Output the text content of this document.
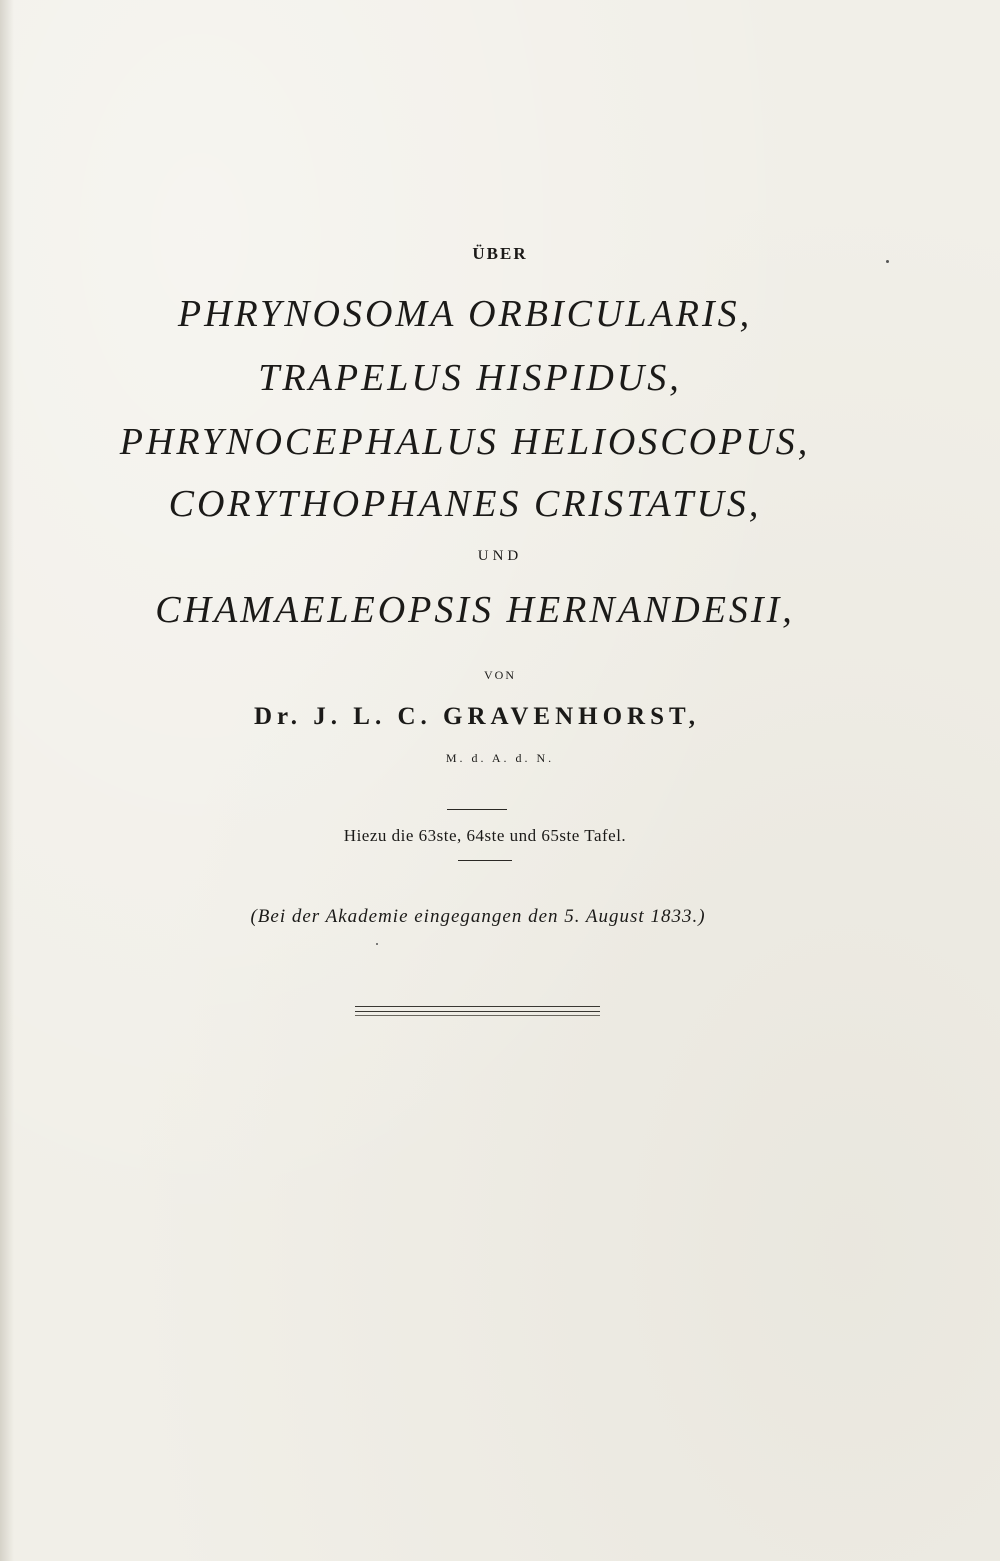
ÜBER
PHRYNOSOMA ORBICULARIS,
TRAPELUS HISPIDUS,
PHRYNOCEPHALUS HELIOSCOPUS,
CORYTHOPHANES CRISTATUS,
UND
CHAMAELEOPSIS HERNANDESII,
VON
Dr. J. L. C. GRAVENHORST,
M. d. A. d. N.
Hiezu die 63ste, 64ste und 65ste Tafel.
(Bei der Akademie eingegangen den 5. August 1833.)
